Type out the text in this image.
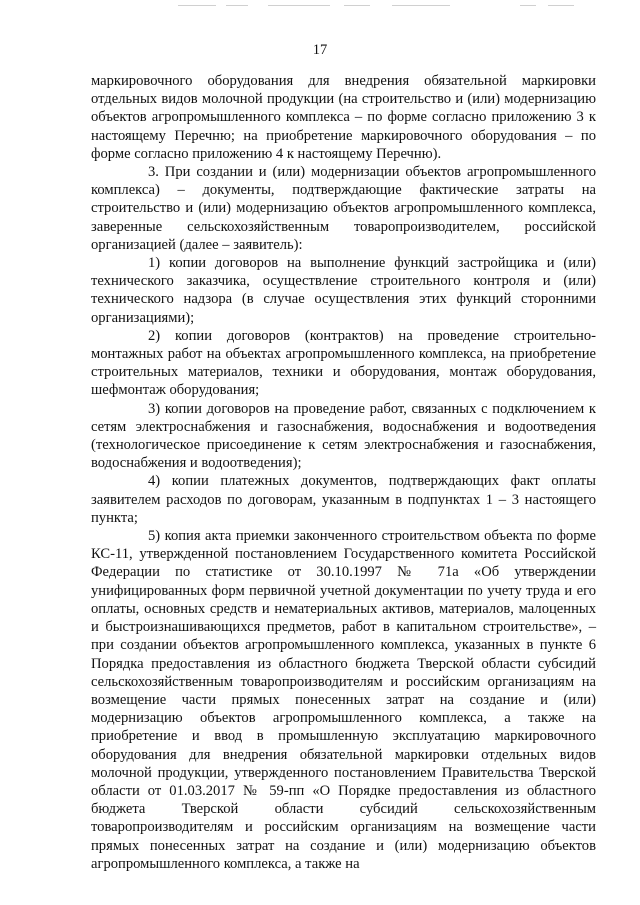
17

маркировочного оборудования для внедрения обязательной маркировки отдельных видов молочной продукции (на строительство и (или) модернизацию объектов агропромышленного комплекса – по форме согласно приложению 3 к настоящему Перечню; на приобретение маркировочного оборудования – по форме согласно приложению 4 к настоящему Перечню).

3. При создании и (или) модернизации объектов агропромышленного комплекса) – документы, подтверждающие фактические затраты на строительство и (или) модернизацию объектов агропромышленного комплекса, заверенные сельскохозяйственным товаропроизводителем, российской организацией (далее – заявитель):

1) копии договоров на выполнение функций застройщика и (или) технического заказчика, осуществление строительного контроля и (или) технического надзора (в случае осуществления этих функций сторонними организациями);

2) копии договоров (контрактов) на проведение строительно-монтажных работ на объектах агропромышленного комплекса, на приобретение строительных материалов, техники и оборудования, монтаж оборудования, шефмонтаж оборудования;

3) копии договоров на проведение работ, связанных с подключением к сетям электроснабжения и газоснабжения, водоснабжения и водоотведения (технологическое присоединение к сетям электроснабжения и газоснабжения, водоснабжения и водоотведения);

4) копии платежных документов, подтверждающих факт оплаты заявителем расходов по договорам, указанным в подпунктах 1 – 3 настоящего пункта;

5) копия акта приемки законченного строительством объекта по форме КС-11, утвержденной постановлением Государственного комитета Российской Федерации по статистике от 30.10.1997 № 71а «Об утверждении унифицированных форм первичной учетной документации по учету труда и его оплаты, основных средств и нематериальных активов, материалов, малоценных и быстроизнашивающихся предметов, работ в капитальном строительстве», – при создании объектов агропромышленного комплекса, указанных в пункте 6 Порядка предоставления из областного бюджета Тверской области субсидий сельскохозяйственным товаропроизводителям и российским организациям на возмещение части прямых понесенных затрат на создание и (или) модернизацию объектов агропромышленного комплекса, а также на приобретение и ввод в промышленную эксплуатацию маркировочного оборудования для внедрения обязательной маркировки отдельных видов молочной продукции, утвержденного постановлением Правительства Тверской области от 01.03.2017 № 59-пп «О Порядке предоставления из областного бюджета Тверской области субсидий сельскохозяйственным товаропроизводителям и российским организациям на возмещение части прямых понесенных затрат на создание и (или) модернизацию объектов агропромышленного комплекса, а также на
